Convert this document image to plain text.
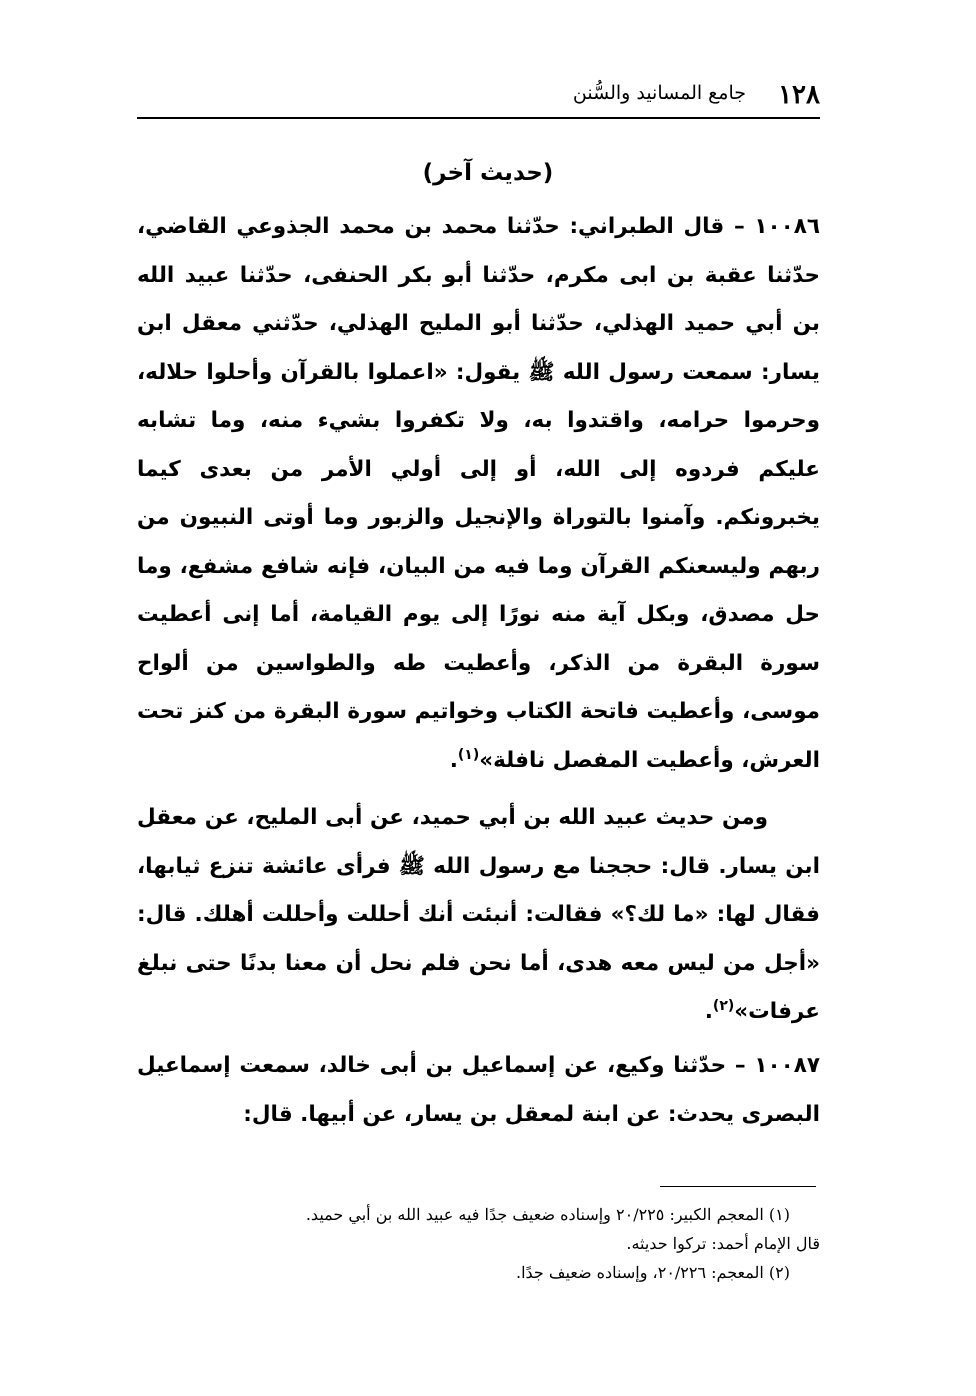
١٢٨
جامع المسانيد والسُّنن
(حديث آخر)
١٠٠٨٦ – قال الطبراني: حدّثنا محمد بن محمد الجذوعي القاضي، حدّثنا عقبة بن ابى مكرم، حدّثنا أبو بكر الحنفى، حدّثنا عبيد الله بن أبي حميد الهذلي، حدّثنا أبو المليح الهذلي، حدّثني معقل ابن يسار: سمعت رسول الله ﷺ يقول: «اعملوا بالقرآن وأحلوا حلاله، وحرموا حرامه، واقتدوا به، ولا تكفروا بشيء منه، وما تشابه عليكم فردوه إلى الله، أو إلى أولي الأمر من بعدى كيما يخبرونكم. وآمنوا بالتوراة والإنجيل والزبور وما أوتى النبيون من ربهم وليسعنكم القرآن وما فيه من البيان، فإنه شافع مشفع، وما حل مصدق، وبكل آية منه نورًا إلى يوم القيامة، أما إنى أعطيت سورة البقرة من الذكر، وأعطيت طه والطواسين من ألواح موسى، وأعطيت فاتحة الكتاب وخواتيم سورة البقرة من كنز تحت العرش، وأعطيت المفصل نافلة»$^{(١)}$.
ومن حديث عبيد الله بن أبي حميد، عن أبى المليح، عن معقل ابن يسار. قال: حججنا مع رسول الله ﷺ فرأى عائشة تنزع ثيابها، فقال لها: «ما لك؟» فقالت: أنبئت أنك أحللت وأحللت أهلك. قال: «أجل من ليس معه هدى، أما نحن فلم نحل أن معنا بدنًا حتى نبلغ عرفات»$^{(٢)}$.
١٠٠٨٧ – حدّثنا وكيع، عن إسماعيل بن أبى خالد، سمعت إسماعيل البصرى يحدث: عن ابنة لمعقل بن يسار، عن أبيها. قال:

(١) المعجم الكبير: ٢٠/٢٢٥ وإسناده ضعيف جدًا فيه عبيد الله بن أبي حميد.

قال الإمام أحمد: تركوا حديثه.

(٢) المعجم: ٢٠/٢٢٦، وإسناده ضعيف جدًا.
